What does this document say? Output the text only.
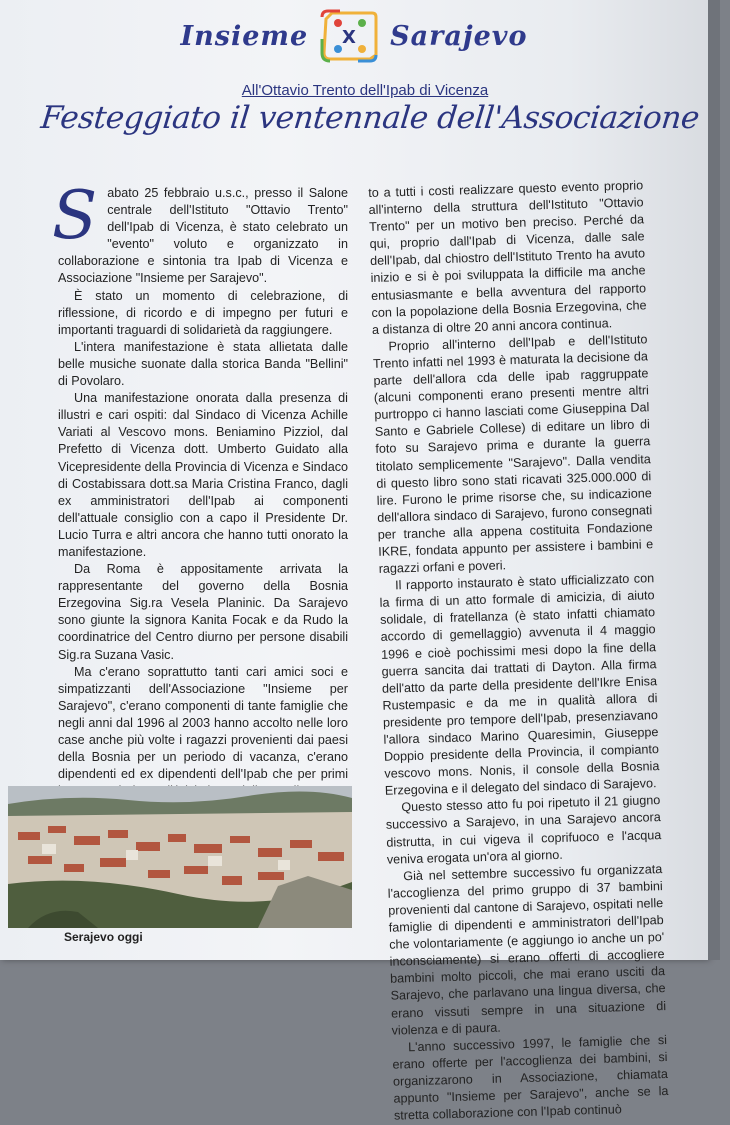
Insieme X Sarajevo
All'Ottavio Trento dell'Ipab di Vicenza
Festeggiato il ventennale dell'Associazione

Sabato 25 febbraio u.s.c., presso il Salone centrale dell'Istituto "Ottavio Trento" dell'Ipab di Vicenza, è stato celebrato un "evento" voluto e organizzato in collaborazione e sintonia tra Ipab di Vicenza e Associazione "Insieme per Sarajevo".

È stato un momento di celebrazione, di riflessione, di ricordo e di impegno per futuri e importanti traguardi di solidarietà da raggiungere.

L'intera manifestazione è stata allietata dalle belle musiche suonate dalla storica Banda "Bellini" di Povolaro.

Una manifestazione onorata dalla presenza di illustri e cari ospiti: dal Sindaco di Vicenza Achille Variati al Vescovo mons. Beniamino Pizziol, dal Prefetto di Vicenza dott. Umberto Guidato alla Vicepresidente della Provincia di Vicenza e Sindaco di Costabissara dott.sa Maria Cristina Franco, dagli ex amministratori dell'Ipab ai componenti dell'attuale consiglio con a capo il Presidente Dr. Lucio Turra e altri ancora che hanno tutti onorato la manifestazione.

Da Roma è appositamente arrivata la rappresentante del governo della Bosnia Erzegovina Sig.ra Vesela Planinic. Da Sarajevo sono giunte la signora Kanita Focak e da Rudo la coordinatrice del Centro diurno per persone disabili Sig.ra Suzana Vasic.

Ma c'erano soprattutto tanti cari amici soci e simpatizzanti dell'Associazione "Insieme per Sarajevo", c'erano componenti di tante famiglie che negli anni dal 1996 al 2003 hanno accolto nelle loro case anche più volte i ragazzi provenienti dai paesi della Bosnia per un periodo di vacanza, c'erano dipendenti ed ex dipendenti dell'Ipab che per primi

to a tutti i costi realizzare questo evento proprio all'interno della struttura dell'Istituto "Ottavio Trento" per un motivo ben preciso. Perché da qui, proprio dall'Ipab di Vicenza, dalle sale dell'Ipab, dal chiostro dell'Istituto Trento ha avuto inizio e si è poi sviluppata la difficile ma anche entusiasmante e bella avventura del rapporto con la popolazione della Bosnia Erzegovina, che a distanza di oltre 20 anni ancora continua.

Proprio all'interno dell'Ipab e dell'Istituto Trento infatti nel 1993 è maturata la decisione da parte dell'allora cda delle ipab raggruppate (alcuni componenti erano presenti mentre altri purtroppo ci hanno lasciati come Giuseppina Dal Santo e Gabriele Collese) di editare un libro di foto su Sarajevo prima e durante la guerra titolato semplicemente "Sarajevo". Dalla vendita di questo libro sono stati ricavati 325.000.000 di lire. Furono le prime risorse che, su indicazione dell'allora sindaco di Sarajevo, furono consegnati per tranche alla appena costituita Fondazione IKRE, fondata appunto per assistere i bambini e ragazzi orfani e poveri.

Il rapporto instaurato è stato ufficializzato con la firma di un atto formale di amicizia, di aiuto solidale, di fratellanza (è stato infatti chiamato accordo di gemellaggio) avvenuta il 4 maggio 1996 e cioè pochissimi mesi dopo la fine della guerra sancita dai trattati di Dayton. Alla firma dell'atto da parte della presidente dell'Ikre Enisa Rustempasic e da me in qualità allora di presidente pro tempore dell'Ipab, presenziavano l'allora sindaco Marino Quaresimin, Giuseppe Doppio presidente della Provincia, il compianto vescovo mons. Nonis, il console della Bosnia Erzegovina e il delegato del sindaco di Sarajevo.

Questo stesso atto fu poi ripetuto il 21 giugno successivo a Sarajevo, in una Sarajevo ancora distrutta, in cui vigeva il coprifuoco e l'acqua veniva erogata un'ora al giorno.

Già nel settembre successivo fu organizzata l'accoglienza del primo gruppo di 37 bambini provenienti dal cantone di Sarajevo, ospitati nelle famiglie di dipendenti e amministratori dell'Ipab che volontariamente (e aggiungo io anche un po' inconsciamente) si erano offerti di accogliere bambini molto piccoli, che mai erano usciti da Sarajevo, che parlavano una lingua diversa, che erano vissuti sempre in una situazione di violenza e di paura.

L'anno successivo 1997, le famiglie che si erano offerte per l'accoglienza dei bambini, si organizzarono in Associazione, chiamata appunto "Insieme per Sarajevo", anche se la stretta collaborazione con l'Ipab continuò

Serajevo oggi
